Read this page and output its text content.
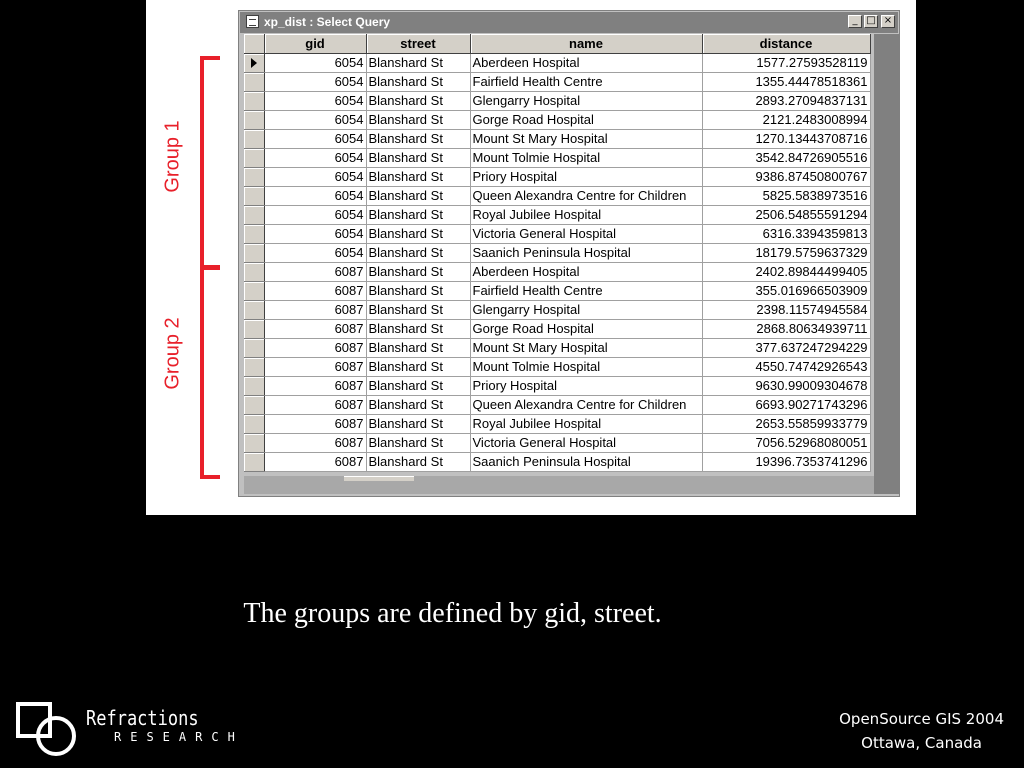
Group 1
Group 2
xp_dist : Select Query	_ □ ×
	gid	street	name	distance

	6054	Blanshard St	Aberdeen Hospital	1577.27593528119
	6054	Blanshard St	Fairfield Health Centre	1355.44478518361
	6054	Blanshard St	Glengarry Hospital	2893.27094837131
	6054	Blanshard St	Gorge Road Hospital	2121.2483008994
	6054	Blanshard St	Mount St Mary Hospital	1270.13443708716
	6054	Blanshard St	Mount Tolmie Hospital	3542.84726905516
	6054	Blanshard St	Priory Hospital	9386.87450800767
	6054	Blanshard St	Queen Alexandra Centre for Children	5825.5838973516
	6054	Blanshard St	Royal Jubilee Hospital	2506.54855591294
	6054	Blanshard St	Victoria General Hospital	6316.3394359813
	6054	Blanshard St	Saanich Peninsula Hospital	18179.5759637329
	6087	Blanshard St	Aberdeen Hospital	2402.89844499405
	6087	Blanshard St	Fairfield Health Centre	355.016966503909
	6087	Blanshard St	Glengarry Hospital	2398.11574945584
	6087	Blanshard St	Gorge Road Hospital	2868.80634939711
	6087	Blanshard St	Mount St Mary Hospital	377.637247294229
	6087	Blanshard St	Mount Tolmie Hospital	4550.74742926543
	6087	Blanshard St	Priory Hospital	9630.99009304678
	6087	Blanshard St	Queen Alexandra Centre for Children	6693.90271743296
	6087	Blanshard St	Royal Jubilee Hospital	2653.55859933779
	6087	Blanshard St	Victoria General Hospital	7056.52968080051
	6087	Blanshard St	Saanich Peninsula Hospital	19396.7353741296
The groups are defined by gid, street.
Refractions
RESEARCH
OpenSource GIS 2004
Ottawa, Canada
